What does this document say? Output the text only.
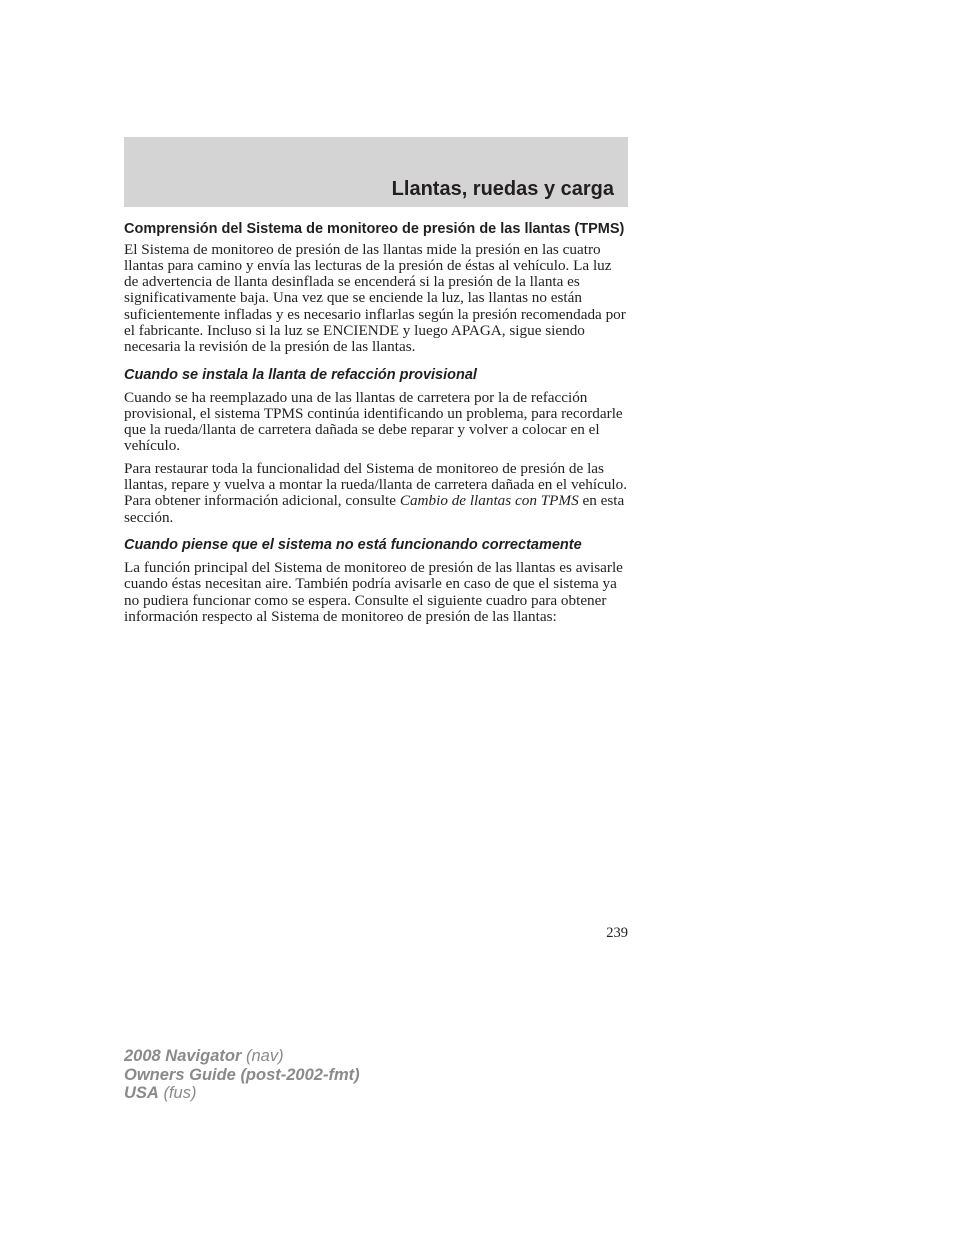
Llantas, ruedas y carga
Comprensión del Sistema de monitoreo de presión de las llantas (TPMS)

El Sistema de monitoreo de presión de las llantas mide la presión en las cuatro llantas para camino y envía las lecturas de la presión de éstas al vehículo. La luz de advertencia de llanta desinflada se encenderá si la presión de la llanta es significativamente baja. Una vez que se enciende la luz, las llantas no están suficientemente infladas y es necesario inflarlas según la presión recomendada por el fabricante. Incluso si la luz se ENCIENDE y luego APAGA, sigue siendo necesaria la revisión de la presión de las llantas.

Cuando se instala la llanta de refacción provisional

Cuando se ha reemplazado una de las llantas de carretera por la de refacción provisional, el sistema TPMS continúa identificando un problema, para recordarle que la rueda/llanta de carretera dañada se debe reparar y volver a colocar en el vehículo.

Para restaurar toda la funcionalidad del Sistema de monitoreo de presión de las llantas, repare y vuelva a montar la rueda/llanta de carretera dañada en el vehículo. Para obtener información adicional, consulte Cambio de llantas con TPMS en esta sección.

Cuando piense que el sistema no está funcionando correctamente

La función principal del Sistema de monitoreo de presión de las llantas es avisarle cuando éstas necesitan aire. También podría avisarle en caso de que el sistema ya no pudiera funcionar como se espera. Consulte el siguiente cuadro para obtener información respecto al Sistema de monitoreo de presión de las llantas:

239
2008 Navigator (nav)
Owners Guide (post-2002-fmt)
USA (fus)
